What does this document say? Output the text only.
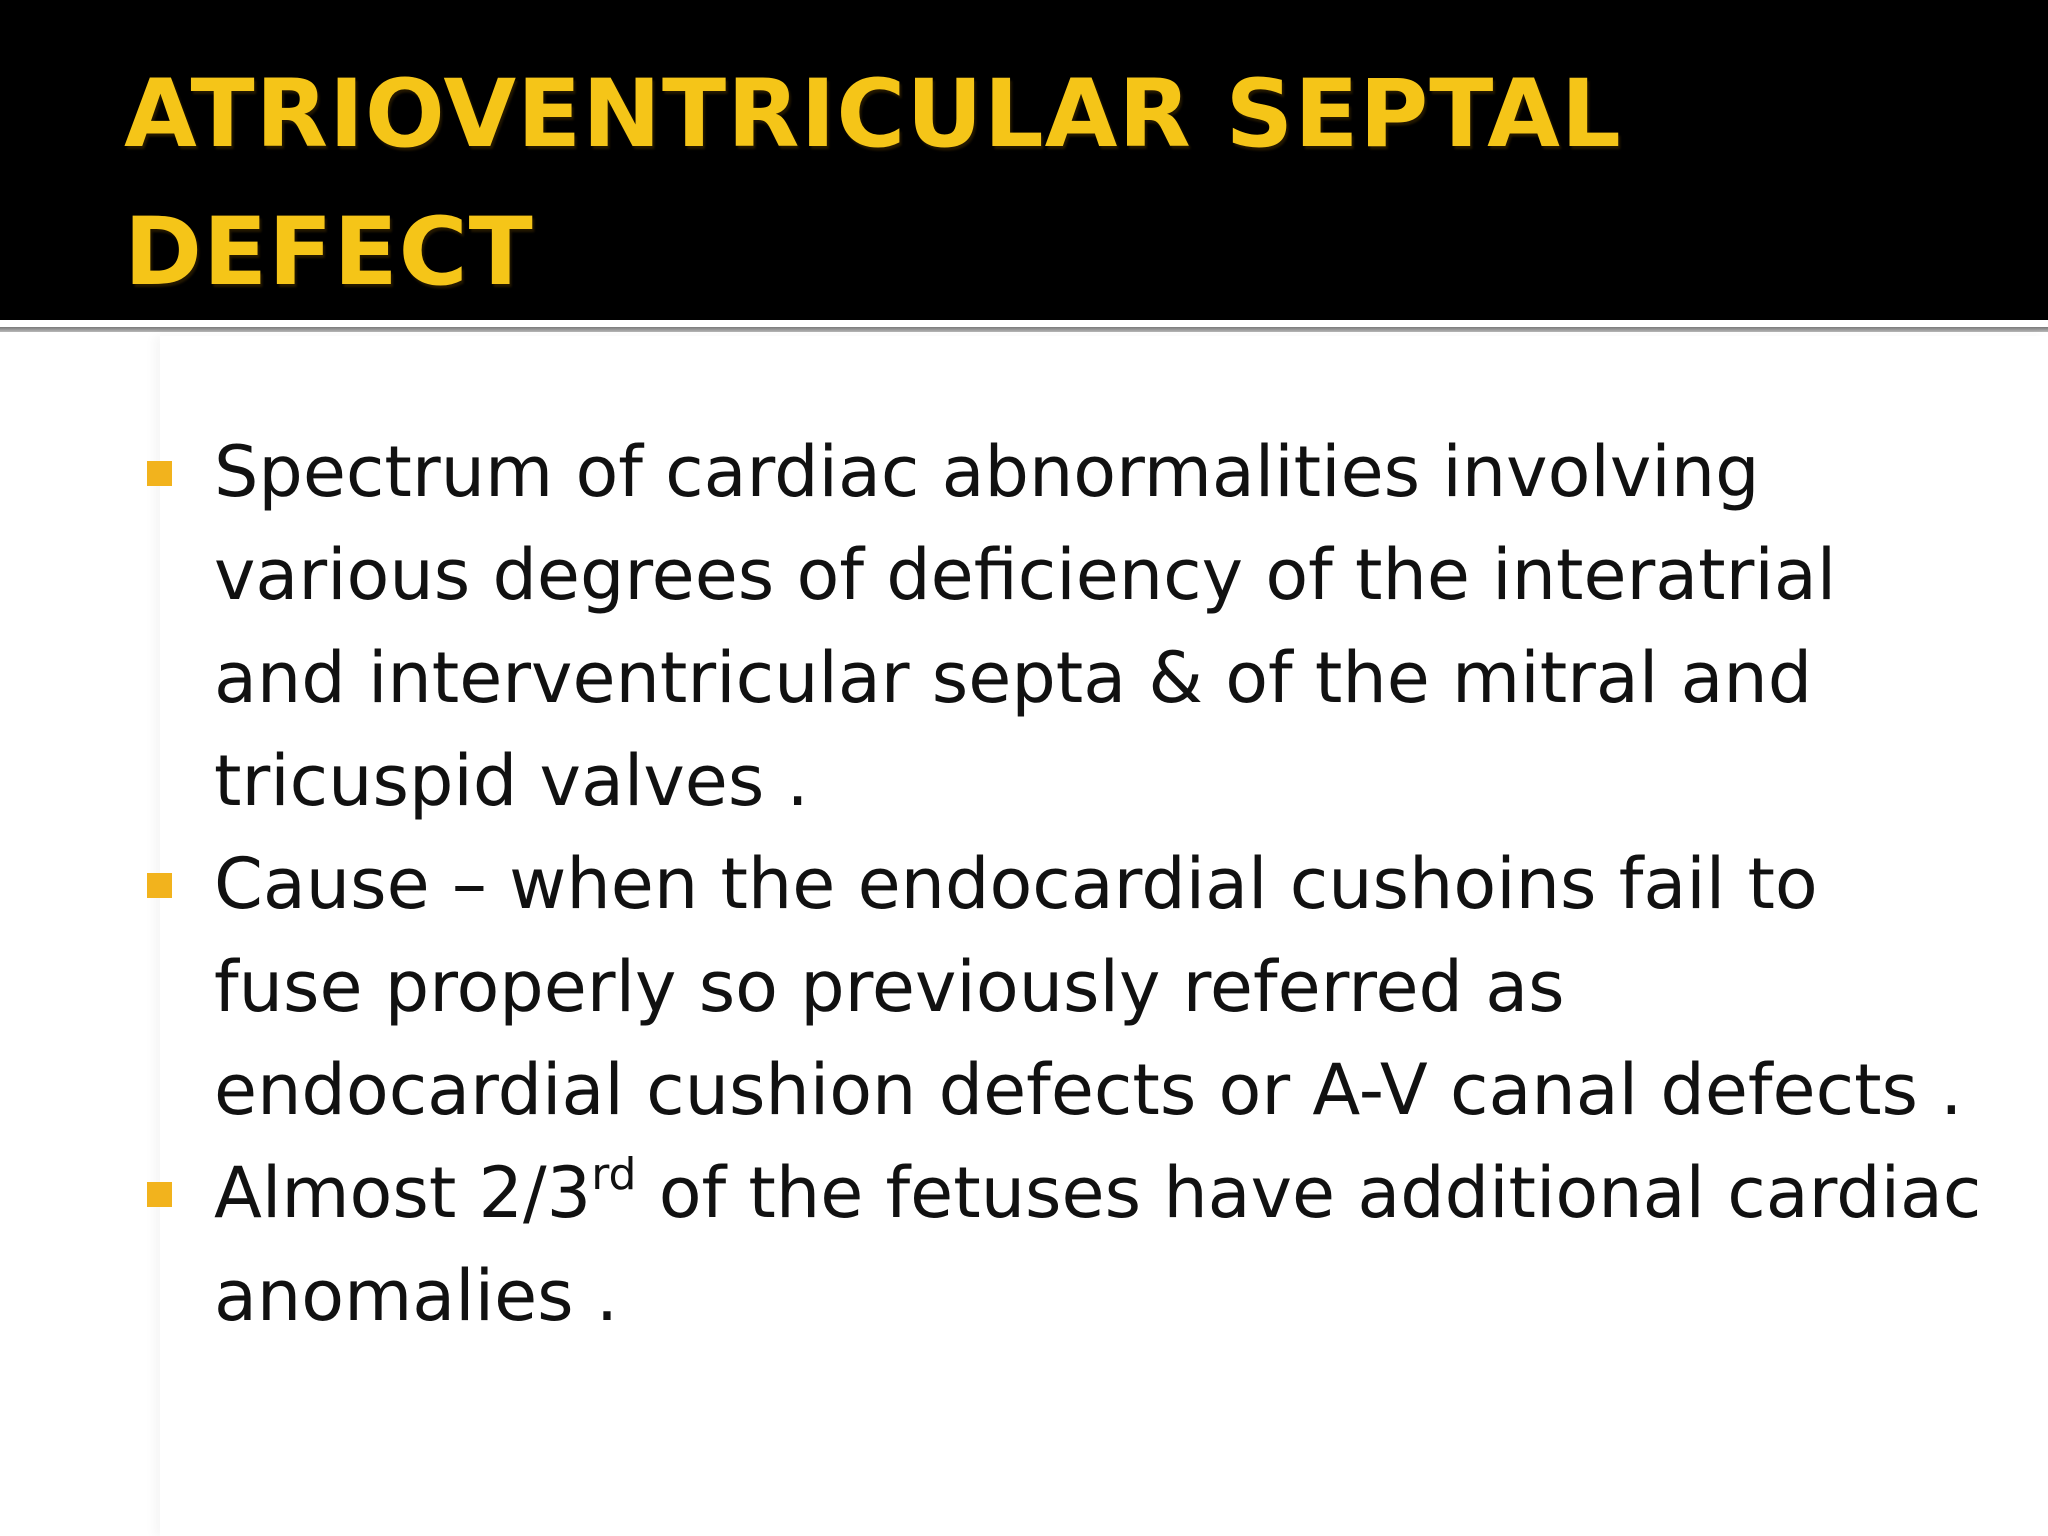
ATRIOVENTRICULAR SEPTAL DEFECT
Spectrum of cardiac abnormalities involving various degrees of deficiency of the interatrial and interventricular septa & of the mitral and tricuspid valves .
Cause – when the endocardial cushoins fail to fuse properly so previously referred as endocardial cushion defects or A-V canal defects .
Almost 2/3rd of the fetuses have additional cardiac anomalies .
